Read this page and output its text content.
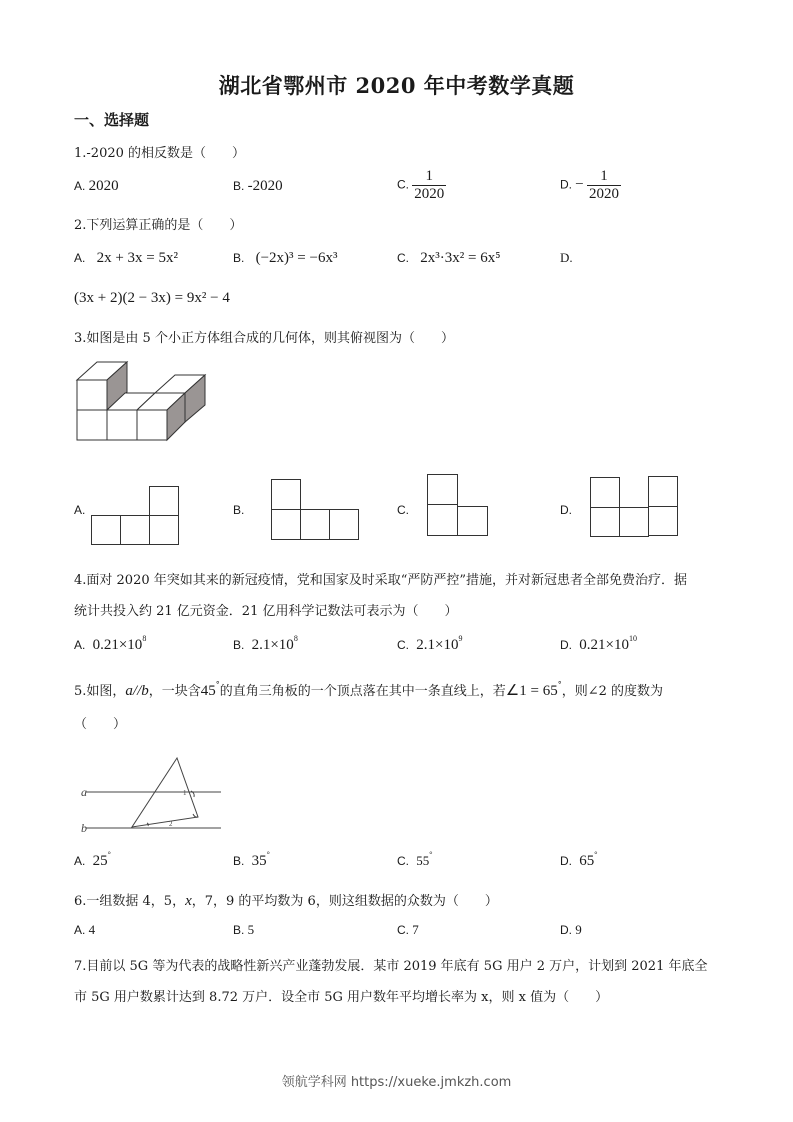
湖北省鄂州市 2020 年中考数学真题
一、选择题
1.-2020 的相反数是（　　）
A. 2020	B. -2020	C. $\frac{1}{2020}$	D. − $\frac{1}{2020}$
2.下列运算正确的是（　　）
A. 2x + 3x = 5x²	B. (−2x)³ = −6x³	C. 2x³·3x² = 6x⁵	D.
(3x + 2)(2 − 3x) = 9x² − 4
3.如图是由 5 个小正方体组合成的几何体，则其俯视图为（　　）
A.	B.	C.	D.
4.面对 2020 年突如其来的新冠疫情，党和国家及时采取“严防严控”措施，并对新冠患者全部免费治疗．据
统计共投入约 21 亿元资金．21 亿用科学记数法可表示为（　　）
A. $0.21\times 10^8$	B. $2.1\times 10^8$	C. $2.1\times 10^9$	D. $0.21\times 10^{10}$
5.如图，a//b，一块含45°的直角三角板的一个顶点落在其中一条直线上，若∠1 = 65°，则∠2 的度数为
（　　）
a
b
1
2
A. 25°	B. 35°	C. 55°	D. 65°
6.一组数据 4，5，x，7，9 的平均数为 6，则这组数据的众数为（　　）
A. 4	B. 5	C. 7	D. 9
7.目前以 5G 等为代表的战略性新兴产业蓬勃发展．某市 2019 年底有 5G 用户 2 万户，计划到 2021 年底全
市 5G 用户数累计达到 8.72 万户．设全市 5G 用户数年平均增长率为 x，则 x 值为（　　）
领航学科网 https://xueke.jmkzh.com
